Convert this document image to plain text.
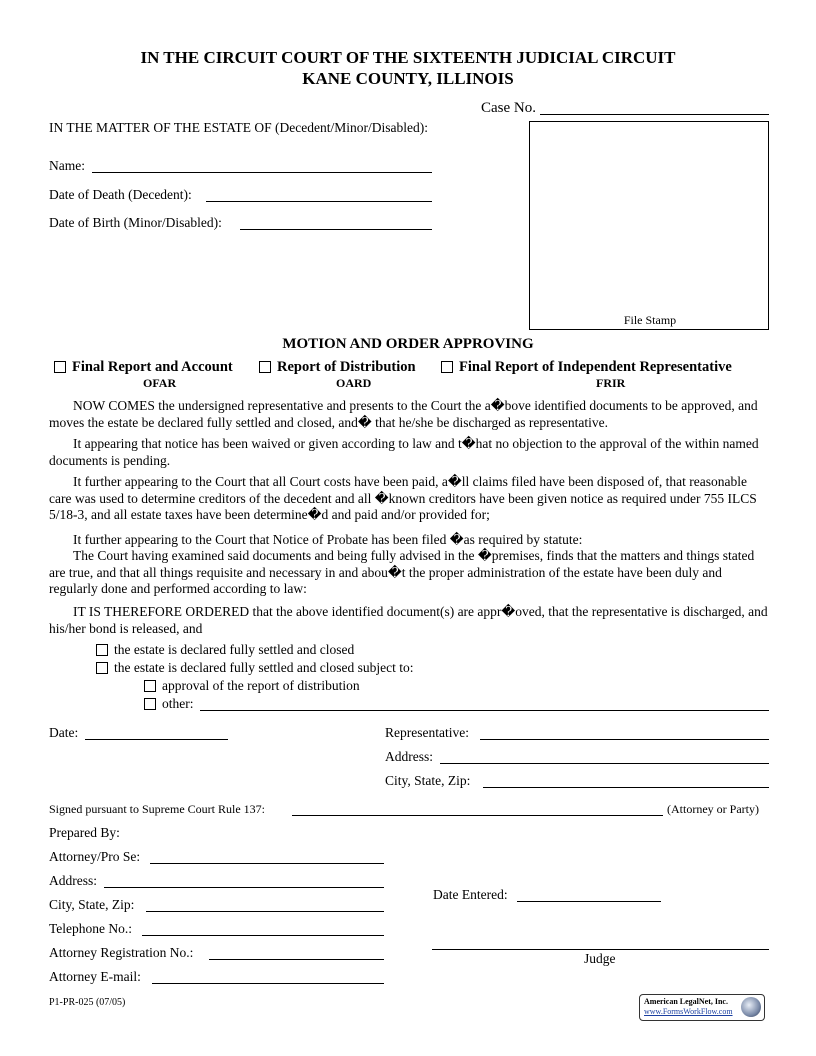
IN THE CIRCUIT COURT OF THE SIXTEENTH JUDICIAL CIRCUIT
KANE COUNTY, ILLINOIS
Case No.
IN THE MATTER OF THE ESTATE OF (Decedent/Minor/Disabled):
File Stamp
Name:
Date of Death (Decedent):
Date of Birth (Minor/Disabled):
MOTION AND ORDER APPROVING
Final Report and Account	Report of Distribution	Final Report of Independent Representative
OFAR	OARD	FRIR
NOW COMES the undersigned representative and presents to the Court the a�bove identified documents to be approved, and moves the estate be declared fully settled and closed, and� that he/she be discharged as representative.
It appearing that notice has been waived or given according to law and t�hat no objection to the approval of the within named documents is pending.
It further appearing to the Court that all Court costs have been paid, a�ll claims filed have been disposed of, that reasonable care was used to determine creditors of the decedent and all �known creditors have been given notice as required under 755 ILCS 5/18-3, and all estate taxes have been determine�d and paid and/or provided for;
It further appearing to the Court that Notice of Probate has been filed �as required by statute:
The Court having examined said documents and being fully advised in the �premises, finds that the matters and things stated are true, and that all things requisite and necessary in and abou�t the proper administration of the estate have been duly and regularly done and performed according to law:
IT IS THEREFORE ORDERED that the above identified document(s) are appr�oved, that the representative is discharged, and his/her bond is released, and
the estate is declared fully settled and closed
the estate is declared fully settled and closed subject to:
approval of the report of distribution
other:
Date:	Representative:
Address:
City, State, Zip:
Signed pursuant to Supreme Court Rule 137:	(Attorney or Party)
Prepared By:
Attorney/Pro Se:
Address:
City, State, Zip:
Telephone No.:
Attorney Registration No.:
Attorney E-mail:
Date Entered:
Judge
P1-PR-025 (07/05)	American LegalNet, Inc.
www.FormsWorkFlow.com
